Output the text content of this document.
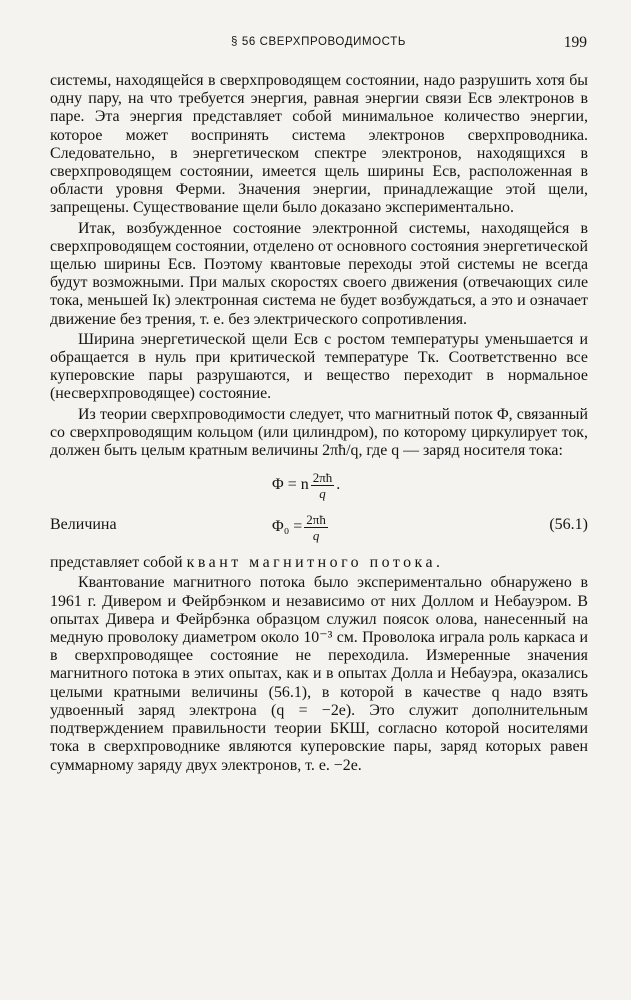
§ 56 СВЕРХПРОВОДИМОСТЬ	199

системы, находящейся в сверхпроводящем состоянии, надо разрушить хотя бы одну пару, на что требуется энергия, равная энергии связи Eсв электронов в паре. Эта энергия представляет собой минимальное количество энергии, которое может воспринять система электронов сверхпроводника. Следовательно, в энергетическом спектре электронов, находящихся в сверхпроводящем состоянии, имеется щель ширины Eсв, расположенная в области уровня Ферми. Значения энергии, принадлежащие этой щели, запрещены. Существование щели было доказано экспериментально.

Итак, возбужденное состояние электронной системы, находящейся в сверхпроводящем состоянии, отделено от основного состояния энергетической щелью ширины Eсв. Поэтому квантовые переходы этой системы не всегда будут возможными. При малых скоростях своего движения (отвечающих силе тока, меньшей Iк) электронная система не будет возбуждаться, а это и означает движение без трения, т. е. без электрического сопротивления.

Ширина энергетической щели Eсв с ростом температуры уменьшается и обращается в нуль при критической температуре Tк. Соответственно все куперовские пары разрушаются, и вещество переходит в нормальное (несверхпроводящее) состояние.

Из теории сверхпроводимости следует, что магнитный поток Φ, связанный со сверхпроводящим кольцом (или цилиндром), по которому циркулирует ток, должен быть целым кратным величины 2πħ/q, где q — заряд носителя тока:

Φ = n $\frac{2\pi ħ}{q}$ .
Величина	$\Phi_0 = \frac{2\pi ħ}{q}$	(56.1)

представляет собой квант магнитного потока.

Квантование магнитного потока было экспериментально обнаружено в 1961 г. Дивером и Фейрбэнком и независимо от них Доллом и Небауэром. В опытах Дивера и Фейрбэнка образцом служил поясок олова, нанесенный на медную проволоку диаметром около 10⁻³ см. Проволока играла роль каркаса и в сверхпроводящее состояние не переходила. Измеренные значения магнитного потока в этих опытах, как и в опытах Долла и Небауэра, оказались целыми кратными величины (56.1), в которой в качестве q надо взять удвоенный заряд электрона (q = −2e). Это служит дополнительным подтверждением правильности теории БКШ, согласно которой носителями тока в сверхпроводнике являются куперовские пары, заряд которых равен суммарному заряду двух электронов, т. е. −2e.
